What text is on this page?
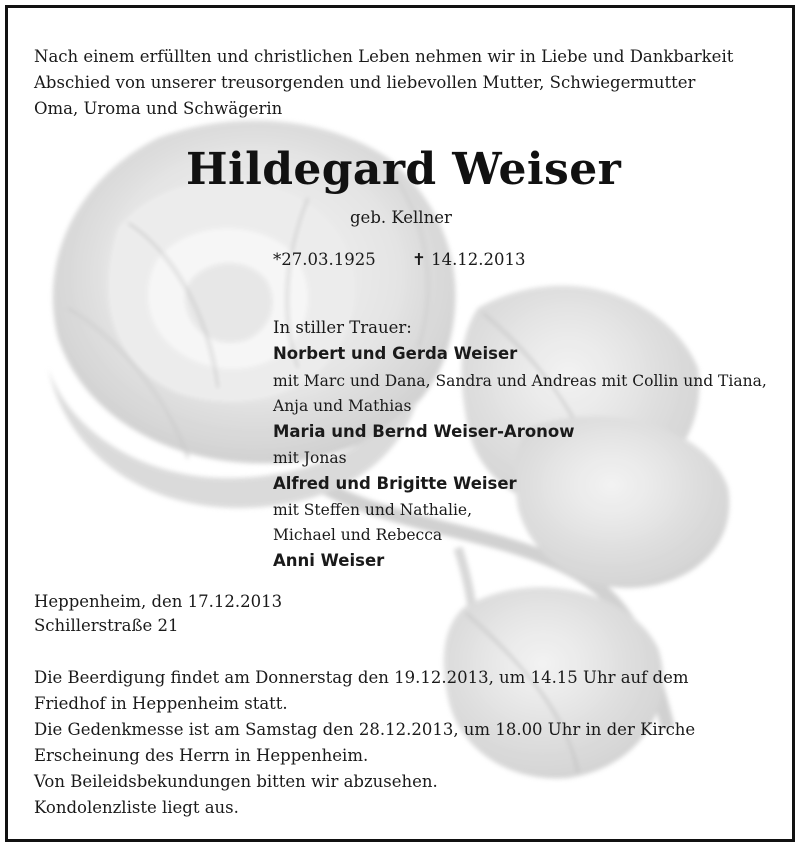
Nach einem erfüllten und christlichen Leben nehmen wir in Liebe und Dankbarkeit
Abschied von unserer treusorgenden und liebevollen Mutter, Schwiegermutter
Oma, Uroma und Schwägerin
Hildegard Weiser
geb. Kellner
*27.03.1925 ✝ 14.12.2013
In stiller Trauer:
Norbert und Gerda Weiser
mit Marc und Dana, Sandra und Andreas mit Collin und Tiana,
Anja und Mathias
Maria und Bernd Weiser-Aronow
mit Jonas
Alfred und Brigitte Weiser
mit Steffen und Nathalie,
Michael und Rebecca
Anni Weiser
Heppenheim, den 17.12.2013
Schillerstraße 21
Die Beerdigung findet am Donnerstag den 19.12.2013, um 14.15 Uhr auf dem
Friedhof in Heppenheim statt.
Die Gedenkmesse ist am Samstag den 28.12.2013, um 18.00 Uhr in der Kirche
Erscheinung des Herrn in Heppenheim.
Von Beileidsbekundungen bitten wir abzusehen.
Kondolenzliste liegt aus.
